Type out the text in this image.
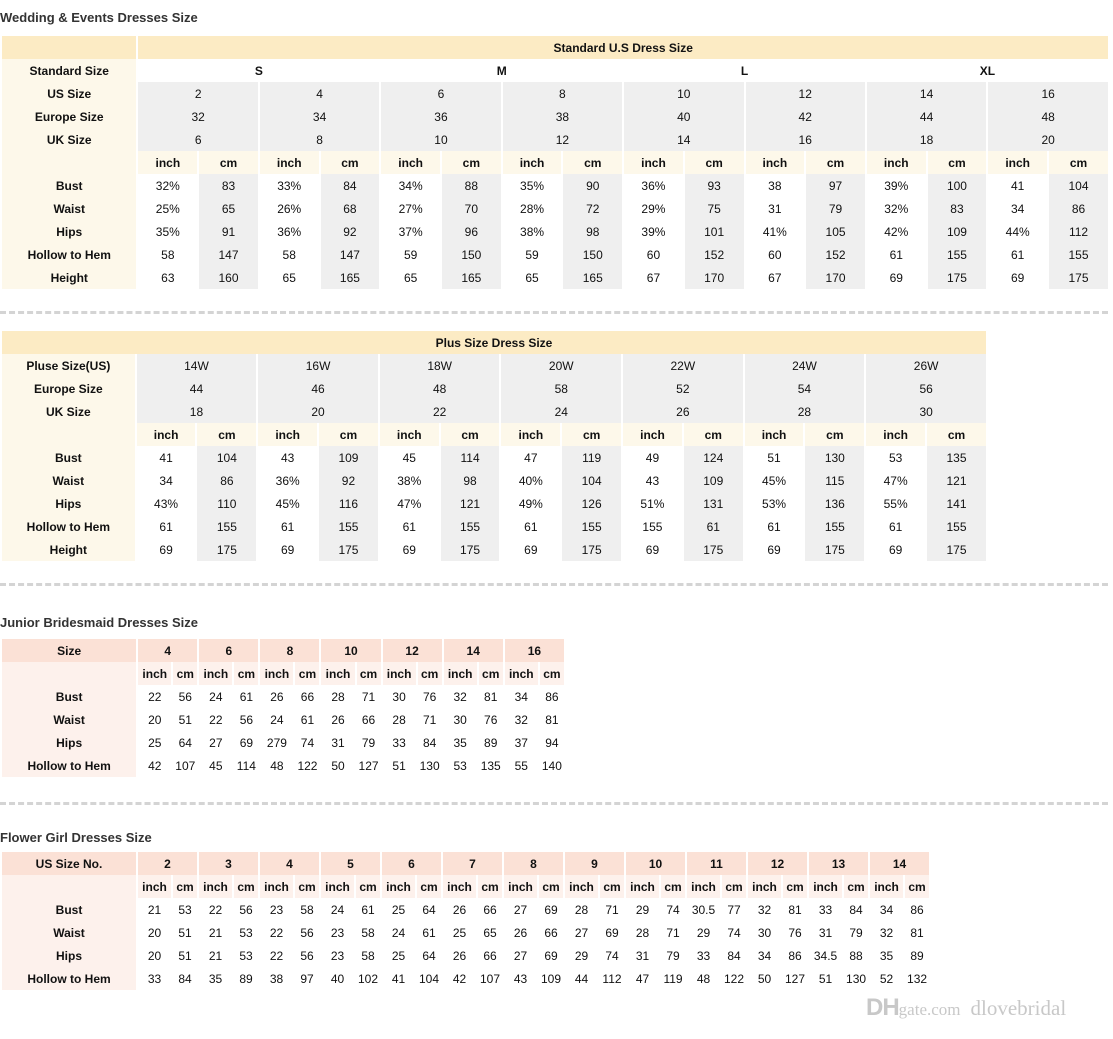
Wedding & Events Dresses Size
	Standard U.S Dress Size															
Standard Size	S				M				L				XL			
US Size	2		4		6		8		10		12		14		16	
Europe Size	32		34		36		38		40		42		44		48	
UK Size	6		8		10		12		14		16		18		20	
	inch	cm	inch	cm	inch	cm	inch	cm	inch	cm	inch	cm	inch	cm	inch	cm
Bust	32%	83	33%	84	34%	88	35%	90	36%	93	38	97	39%	100	41	104
Waist	25%	65	26%	68	27%	70	28%	72	29%	75	31	79	32%	83	34	86
Hips	35%	91	36%	92	37%	96	38%	98	39%	101	41%	105	42%	109	44%	112
Hollow to Hem	58	147	58	147	59	150	59	150	60	152	60	152	61	155	61	155
Height	63	160	65	165	65	165	65	165	67	170	67	170	69	175	69	175
Plus Size Dress Size														
Pluse Size(US)	14W		16W		18W		20W		22W		24W		26W	
Europe Size	44		46		48		58		52		54		56	
UK Size	18		20		22		24		26		28		30	
	inch	cm	inch	cm	inch	cm	inch	cm	inch	cm	inch	cm	inch	cm
Bust	41	104	43	109	45	114	47	119	49	124	51	130	53	135
Waist	34	86	36%	92	38%	98	40%	104	43	109	45%	115	47%	121
Hips	43%	110	45%	116	47%	121	49%	126	51%	131	53%	136	55%	141
Hollow to Hem	61	155	61	155	61	155	61	155	155	61	61	155	61	155
Height	69	175	69	175	69	175	69	175	69	175	69	175	69	175
Junior Bridesmaid Dresses Size
Size	4		6		8		10		12		14		16	
	inch	cm	inch	cm	inch	cm	inch	cm	inch	cm	inch	cm	inch	cm
Bust	22	56	24	61	26	66	28	71	30	76	32	81	34	86
Waist	20	51	22	56	24	61	26	66	28	71	30	76	32	81
Hips	25	64	27	69	279	74	31	79	33	84	35	89	37	94
Hollow to Hem	42	107	45	114	48	122	50	127	51	130	53	135	55	140
Flower Girl Dresses Size
US Size No.	2		3		4		5		6		7		8		9		10		11		12		13		14	
	inch	cm	inch	cm	inch	cm	inch	cm	inch	cm	inch	cm	inch	cm	inch	cm	inch	cm	inch	cm	inch	cm	inch	cm	inch	cm
Bust	21	53	22	56	23	58	24	61	25	64	26	66	27	69	28	71	29	74	30.5	77	32	81	33	84	34	86
Waist	20	51	21	53	22	56	23	58	24	61	25	65	26	66	27	69	28	71	29	74	30	76	31	79	32	81
Hips	20	51	21	53	22	56	23	58	25	64	26	66	27	69	29	74	31	79	33	84	34	86	34.5	88	35	89
Hollow to Hem	33	84	35	89	38	97	40	102	41	104	42	107	43	109	44	112	47	119	48	122	50	127	51	130	52	132
DHgate.com dlovebridal
